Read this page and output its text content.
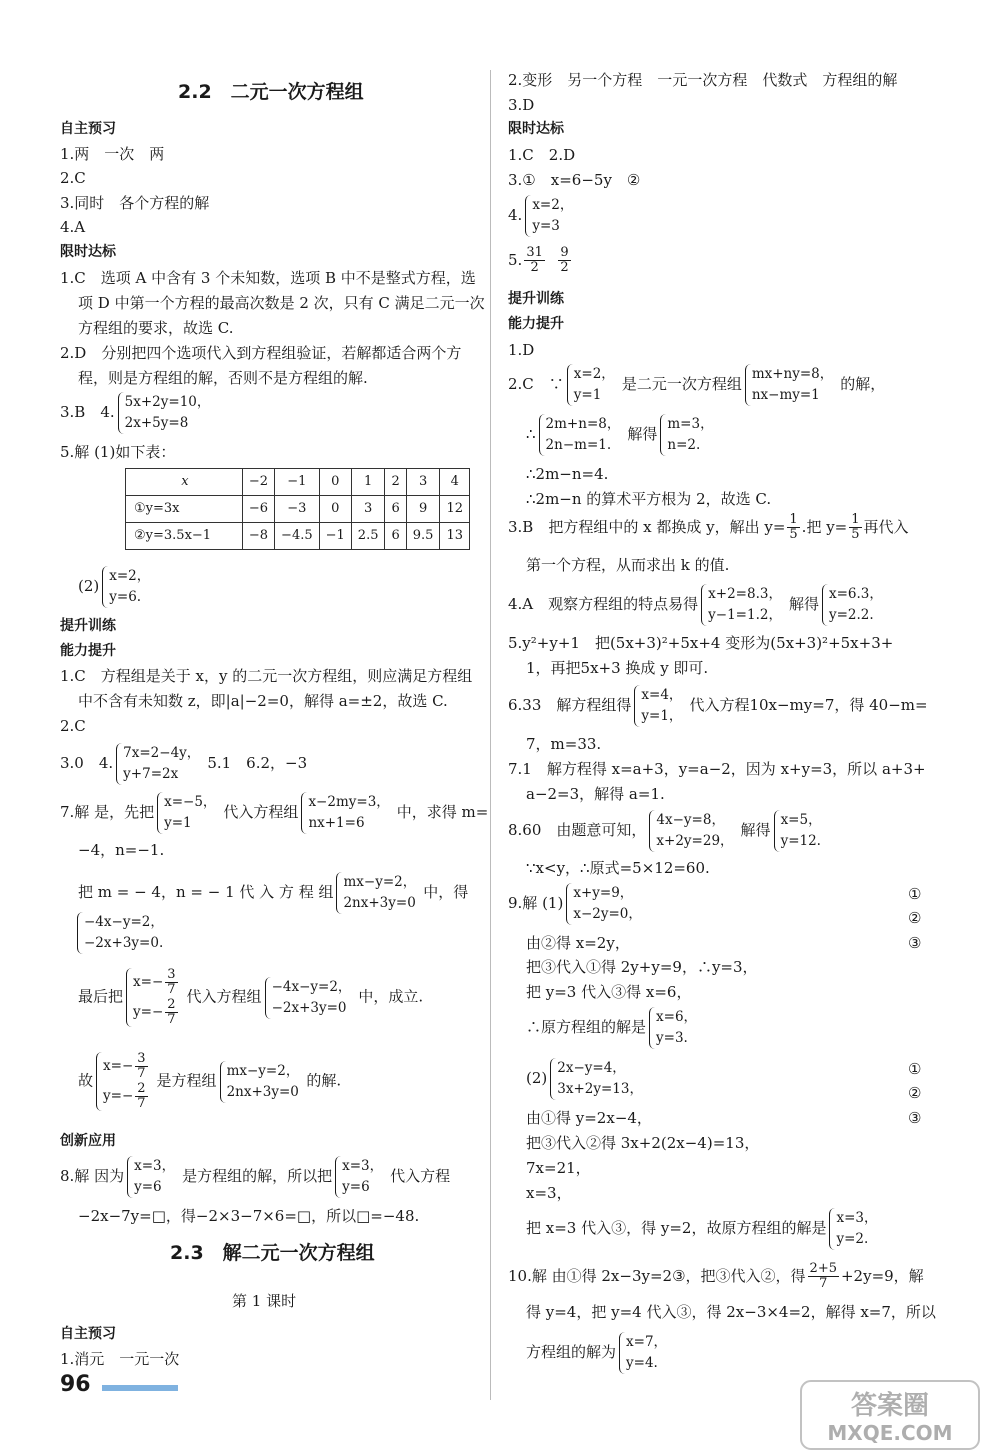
2.2　二元一次方程组
自主预习
1.两　一次　两
2.C
3.同时　各个方程的解
4.A
限时达标
1.C　选项 A 中含有 3 个未知数，选项 B 中不是整式方程，选
项 D 中第一个方程的最高次数是 2 次，只有 C 满足二元一次
方程组的要求，故选 C.
2.D　分别把四个选项代入到方程组验证，若解都适合两个方
程，则是方程组的解，否则不是方程组的解.
3.B　4.5x+2y=10，
2x+5y=8
5.解 (1)如下表：
x	−2	−1	0	1	2	3	4
①y=3x	−6	−3	0	3	6	9	12
②y=3.5x−1	−8	−4.5	−1	2.5	6	9.5	13
(2)x=2，
y=6.
提升训练
能力提升
1.C　方程组是关于 x，y 的二元一次方程组，则应满足方程组
中不含有未知数 z，即|a|−2=0，解得 a=±2，故选 C.
2.C
3.0　4.7x=2−4y，
y+7=2x5.1　6.2，−3
7.解 是，先把x=−5，
y=1代入方程组x−2my=3，
nx+1=6中，求得 m=
−4，n=−1.
把 m = − 4，n = − 1 代 入 方 程 组mx−y=2，
2nx+3y=0中，得
−4x−y=2，
−2x+3y=0.
最后把$x=- \frac{3}{7}$

$y=- \frac{2}{7}$
代入方程组−4x−y=2，
−2x+3y=0中，成立.
故$x=- \frac{3}{7}$

$y=- \frac{2}{7}$
是方程组mx−y=2，
2nx+3y=0的解.
创新应用
8.解 因为x=3，
y=6是方程组的解，所以把x=3，
y=6代入方程
−2x−7y=□，得−2×3−7×6=□，所以□=−48.
2.3　解二元一次方程组
第 1 课时
自主预习
1.消元　一元一次
96
2.变形　另一个方程　一元一次方程　代数式　方程组的解
3.D
限时达标
1.C　2.D
3.①　x=6−5y　②
4.x=2，
y=3
5. $\frac{31}{2}$
$\frac{9}{2}$
提升训练
能力提升
1.D
2.C　∵x=2，
y=1是二元一次方程组mx+ny=8，
nx−my=1的解，
∴2m+n=8，
2n−m=1.解得m=3，
n=2.
∴2m−n=4.
∴2m−n 的算术平方根为 2，故选 C.
3.B　把方程组中的 x 都换成 y，解出 $y= \frac{1}{5}$ .把 $y= \frac{1}{5}$ 再代入
第一个方程，从而求出 k 的值.
4.A　观察方程组的特点易得x+2=8.3，
y−1=1.2，解得x=6.3，
y=2.2.
5.y²+y+1　把(5x+3)²+5x+4 变形为(5x+3)²+5x+3+
1，再把5x+3 换成 y 即可.
6.33　解方程组得x=4，
y=1，代入方程10x−my=7，得 40−m=
7，m=33.
7.1　解方程得 x=a+3，y=a−2，因为 x+y=3，所以 a+3+
a−2=3，解得 a=1.
8.60　由题意可知，4x−y=8，
x+2y=29，解得x=5，
y=12.
∵x<y，∴原式=5×12=60.
9.解 (1)x+y=9，
x−2y=0，
①
②
由②得 x=2y，	③
把③代入①得 2y+y=9，∴y=3，
把 y=3 代入③得 x=6，
∴原方程组的解是x=6，
y=3.
(2)2x−y=4，
3x+2y=13，
①
②
由①得 y=2x−4，	③
把③代入②得 3x+2(2x−4)=13，
7x=21，
x=3，
把 x=3 代入③，得 y=2，故原方程组的解是x=3，
y=2.
10.解 由①得 2x−3y=2③，把③代入②，得 $\frac{2+5}{7} +2y=9$，解
得 y=4，把 y=4 代入③，得 2x−3×4=2，解得 x=7，所以
方程组的解为x=7，
y=4.
答案圈
MXQE.COM
